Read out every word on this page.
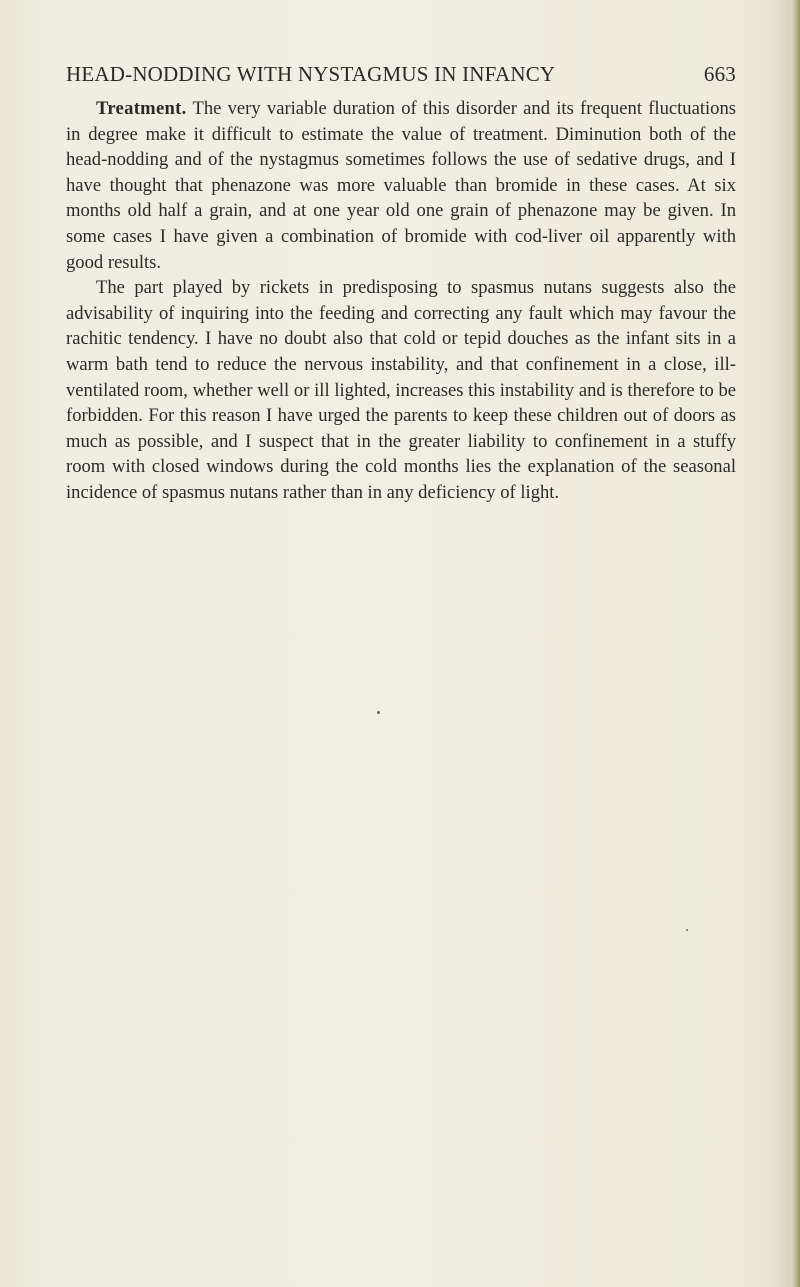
HEAD-NODDING WITH NYSTAGMUS IN INFANCY	663

Treatment. The very variable duration of this disorder and its frequent fluctuations in degree make it difficult to estimate the value of treatment. Diminution both of the head-nodding and of the nystagmus sometimes follows the use of sedative drugs, and I have thought that phenazone was more valuable than bromide in these cases. At six months old half a grain, and at one year old one grain of phenazone may be given. In some cases I have given a combination of bromide with cod-liver oil apparently with good results.

The part played by rickets in predisposing to spasmus nutans suggests also the advisability of inquiring into the feeding and correcting any fault which may favour the rachitic tendency. I have no doubt also that cold or tepid douches as the infant sits in a warm bath tend to reduce the nervous instability, and that confinement in a close, ill-ventilated room, whether well or ill lighted, increases this instability and is therefore to be forbidden. For this reason I have urged the parents to keep these children out of doors as much as possible, and I suspect that in the greater liability to confinement in a stuffy room with closed windows during the cold months lies the explanation of the seasonal incidence of spasmus nutans rather than in any deficiency of light.
